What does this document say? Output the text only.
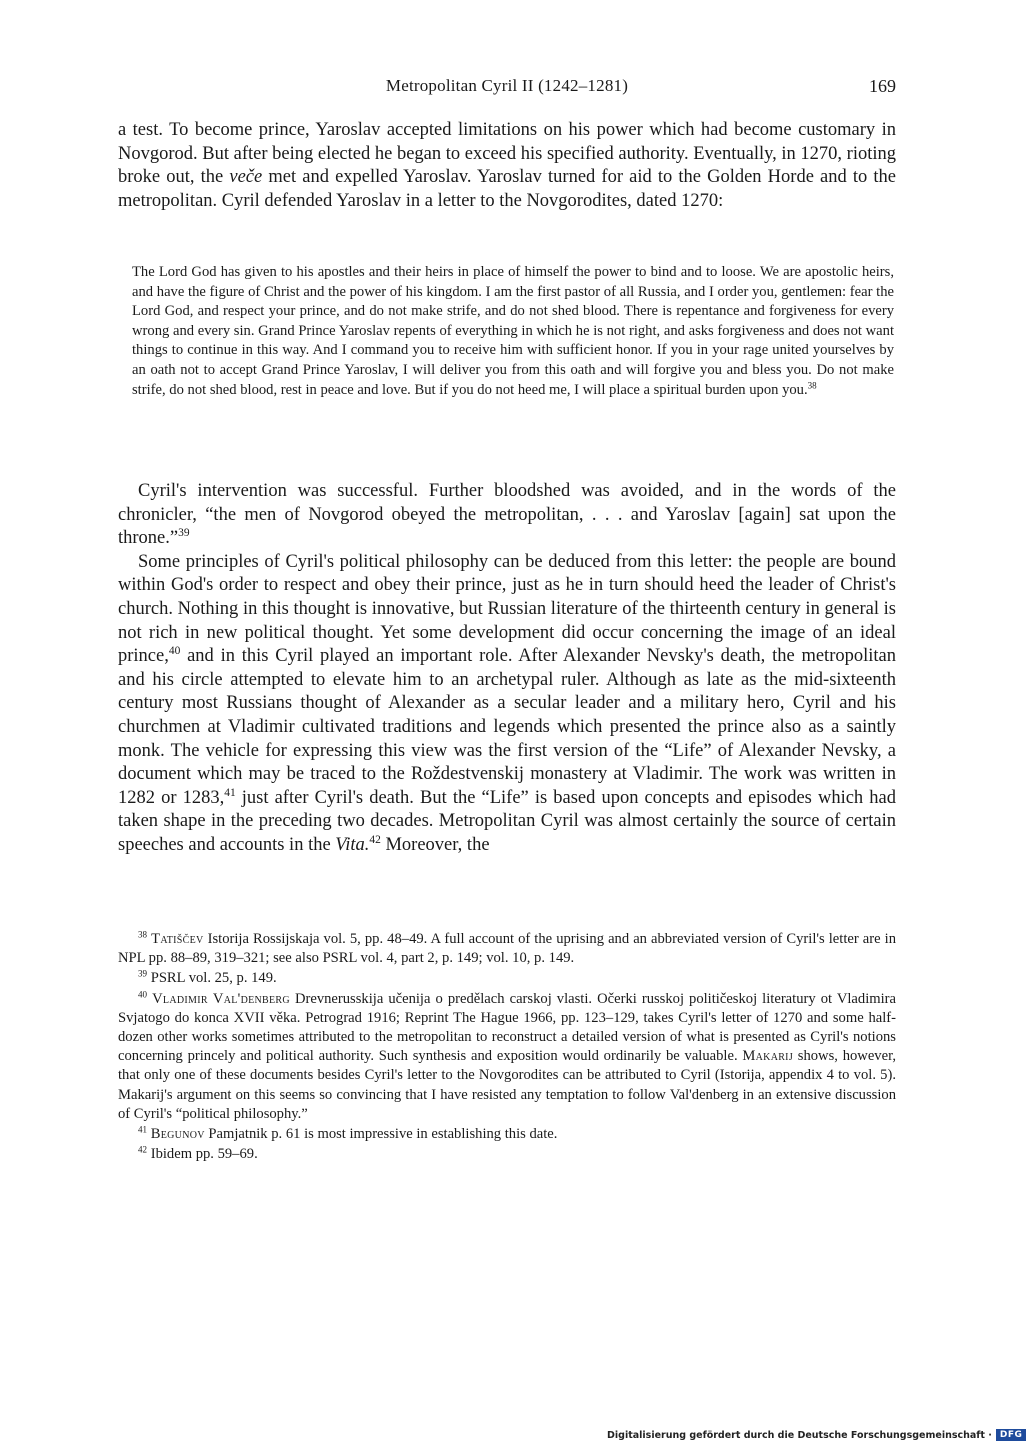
Metropolitan Cyril II (1242–1281)	169

a test. To become prince, Yaroslav accepted limitations on his power which had become customary in Novgorod. But after being elected he began to exceed his specified authority. Eventually, in 1270, rioting broke out, the veče met and expelled Yaroslav. Yaroslav turned for aid to the Golden Horde and to the metropolitan. Cyril defended Yaroslav in a letter to the Novgorodites, dated 1270:

The Lord God has given to his apostles and their heirs in place of himself the power to bind and to loose. We are apostolic heirs, and have the figure of Christ and the power of his kingdom. I am the first pastor of all Russia, and I order you, gentlemen: fear the Lord God, and respect your prince, and do not make strife, and do not shed blood. There is repentance and forgiveness for every wrong and every sin. Grand Prince Yaroslav repents of everything in which he is not right, and asks forgiveness and does not want things to continue in this way. And I command you to receive him with sufficient honor. If you in your rage united yourselves by an oath not to accept Grand Prince Yaroslav, I will deliver you from this oath and will forgive you and bless you. Do not make strife, do not shed blood, rest in peace and love. But if you do not heed me, I will place a spiritual burden upon you.$^{38}$

Cyril's intervention was successful. Further bloodshed was avoided, and in the words of the chronicler, “the men of Novgorod obeyed the metropolitan, . . . and Yaroslav [again] sat upon the throne.”$^{39}$

Some principles of Cyril's political philosophy can be deduced from this letter: the people are bound within God's order to respect and obey their prince, just as he in turn should heed the leader of Christ's church. Nothing in this thought is innovative, but Russian literature of the thirteenth century in general is not rich in new political thought. Yet some development did occur concerning the image of an ideal prince,$^{40}$ and in this Cyril played an important role. After Alexander Nevsky's death, the metropolitan and his circle attempted to elevate him to an archetypal ruler. Although as late as the mid-sixteenth century most Russians thought of Alexander as a secular leader and a military hero, Cyril and his churchmen at Vladimir cultivated traditions and legends which presented the prince also as a saintly monk. The vehicle for expressing this view was the first version of the “Life” of Alexander Nevsky, a document which may be traced to the Roždestvenskij monastery at Vladimir. The work was written in 1282 or 1283,41 just after Cyril's death. But the “Life” is based upon concepts and episodes which had taken shape in the preceding two decades. Metropolitan Cyril was almost certainly the source of certain speeches and accounts in the Vita.$^{42}$ Moreover, the

$^{38}$ Tatiščev Istorija Rossijskaja vol. 5, pp. 48–49. A full account of the uprising and an abbreviated version of Cyril's letter are in NPL pp. 88–89, 319–321; see also PSRL vol. 4, part 2, p. 149; vol. 10, p. 149.

$^{39}$ PSRL vol. 25, p. 149.

$^{40}$ Vladimir Val'denberg Drevnerusskija učenija o predělach carskoj vlasti. Očerki russkoj političeskoj literatury ot Vladimira Svjatogo do konca XVII věka. Petrograd 1916; Reprint The Hague 1966, pp. 123–129, takes Cyril's letter of 1270 and some half-dozen other works sometimes attributed to the metropolitan to reconstruct a detailed version of what is presented as Cyril's notions concerning princely and political authority. Such synthesis and exposition would ordinarily be valuable. Makarij shows, however, that only one of these documents besides Cyril's letter to the Novgorodites can be attributed to Cyril (Istorija, appendix 4 to vol. 5). Makarij's argument on this seems so convincing that I have resisted any temptation to follow Val'denberg in an extensive discussion of Cyril's “political philosophy.”

$^{41}$ Begunov Pamjatnik p. 61 is most impressive in establishing this date.

$^{42}$ Ibidem pp. 59–69.

Digitalisierung gefördert durch die Deutsche Forschungsgemeinschaft · DFG
